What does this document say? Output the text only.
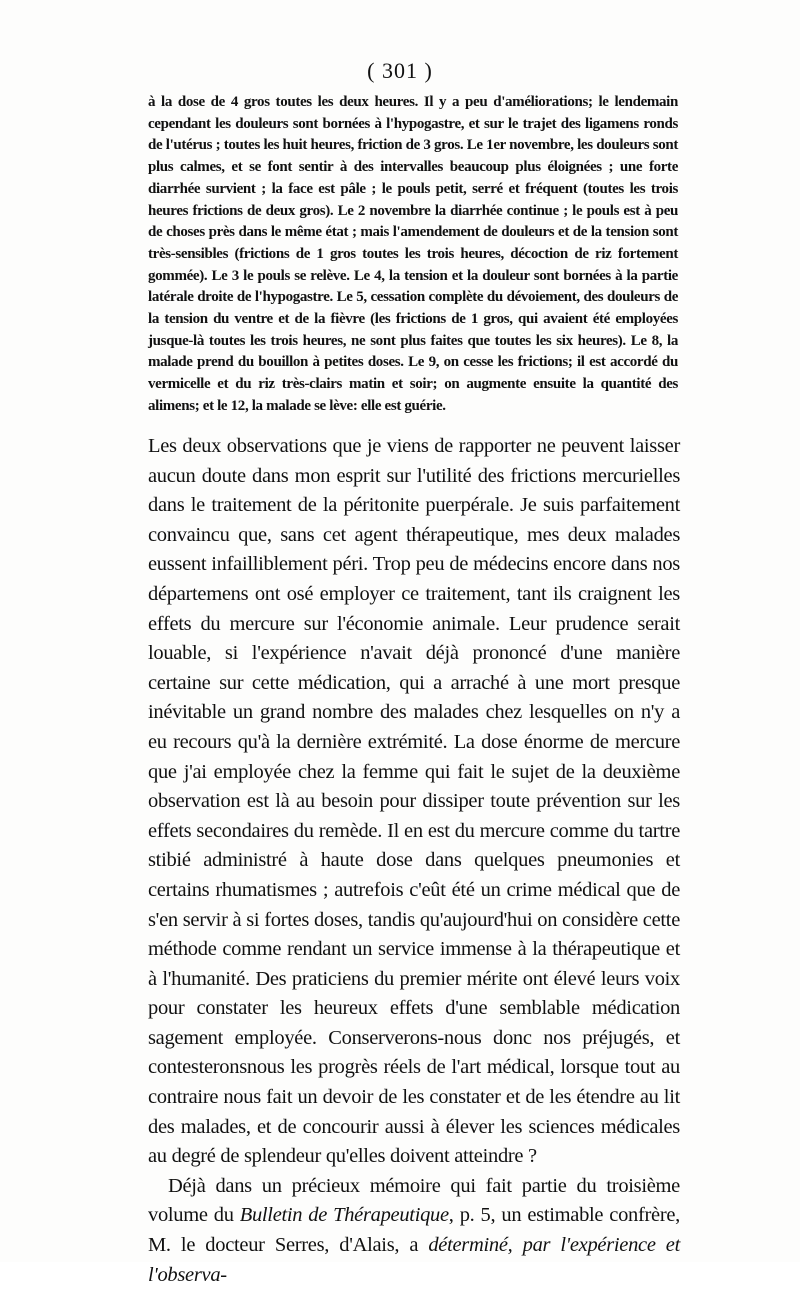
( 301 )

à la dose de 4 gros toutes les deux heures. Il y a peu d'améliorations; le lendemain cependant les douleurs sont bornées à l'hypogastre, et sur le trajet des ligamens ronds de l'utérus ; toutes les huit heures, friction de 3 gros. Le 1er novembre, les douleurs sont plus calmes, et se font sentir à des intervalles beaucoup plus éloignées ; une forte diarrhée survient ; la face est pâle ; le pouls petit, serré et fréquent (toutes les trois heures frictions de deux gros). Le 2 novembre la diarrhée continue ; le pouls est à peu de choses près dans le même état ; mais l'amendement de douleurs et de la tension sont très-sensibles (frictions de 1 gros toutes les trois heures, décoction de riz fortement gommée). Le 3 le pouls se relève. Le 4, la tension et la douleur sont bornées à la partie latérale droite de l'hypogastre. Le 5, cessation complète du dévoiement, des douleurs de la tension du ventre et de la fièvre (les frictions de 1 gros, qui avaient été employées jusque-là toutes les trois heures, ne sont plus faites que toutes les six heures). Le 8, la malade prend du bouillon à petites doses. Le 9, on cesse les frictions; il est accordé du vermicelle et du riz très-clairs matin et soir; on augmente ensuite la quantité des alimens; et le 12, la malade se lève: elle est guérie.

Les deux observations que je viens de rapporter ne peuvent laisser aucun doute dans mon esprit sur l'utilité des frictions mercurielles dans le traitement de la péritonite puerpérale. Je suis parfaitement convaincu que, sans cet agent thérapeutique, mes deux malades eussent infailliblement péri. Trop peu de médecins encore dans nos départemens ont osé employer ce traitement, tant ils craignent les effets du mercure sur l'économie animale. Leur prudence serait louable, si l'expérience n'avait déjà prononcé d'une manière certaine sur cette médication, qui a arraché à une mort presque inévitable un grand nombre des malades chez lesquelles on n'y a eu recours qu'à la dernière extrémité. La dose énorme de mercure que j'ai employée chez la femme qui fait le sujet de la deuxième observation est là au besoin pour dissiper toute prévention sur les effets secondaires du remède. Il en est du mercure comme du tartre stibié administré à haute dose dans quelques pneumonies et certains rhumatismes ; autrefois c'eût été un crime médical que de s'en servir à si fortes doses, tandis qu'aujourd'hui on considère cette méthode comme rendant un service immense à la thérapeutique et à l'humanité. Des praticiens du premier mérite ont élevé leurs voix pour constater les heureux effets d'une semblable médication sagement employée. Conserverons-nous donc nos préjugés, et contesteronsnous les progrès réels de l'art médical, lorsque tout au contraire nous fait un devoir de les constater et de les étendre au lit des malades, et de concourir aussi à élever les sciences médicales au degré de splendeur qu'elles doivent atteindre ?

Déjà dans un précieux mémoire qui fait partie du troisième volume du Bulletin de Thérapeutique, p. 5, un estimable confrère, M. le docteur Serres, d'Alais, a déterminé, par l'expérience et l'observa-
